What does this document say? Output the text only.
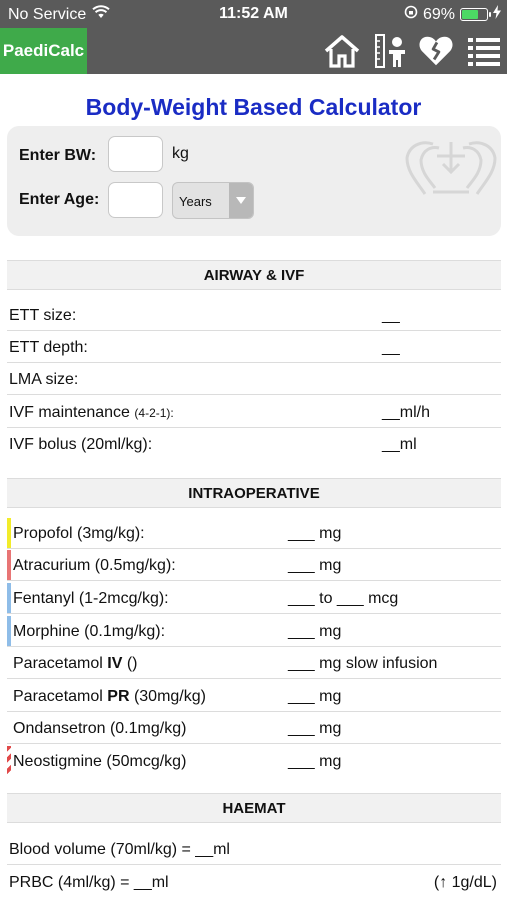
No Service	11:52 AM	69%
PaediCalc
Body-Weight Based Calculator
Enter BW:	kg
Enter Age:	Years
AIRWAY & IVF
ETT size:	__
ETT depth:	__
LMA size:
IVF maintenance (4-2-1):	__ml/h
IVF bolus (20ml/kg):	__ml
INTRAOPERATIVE
Propofol (3mg/kg):	___ mg
Atracurium (0.5mg/kg):	___ mg
Fentanyl (1-2mcg/kg):	___ to ___ mcg
Morphine (0.1mg/kg):	___ mg
Paracetamol IV ()	___ mg slow infusion
Paracetamol PR (30mg/kg)	___ mg
Ondansetron (0.1mg/kg)	___ mg
Neostigmine (50mcg/kg)	___ mg
HAEMAT
Blood volume (70ml/kg) = __ml
PRBC (4ml/kg) = __ml	(↑ 1g/dL)
